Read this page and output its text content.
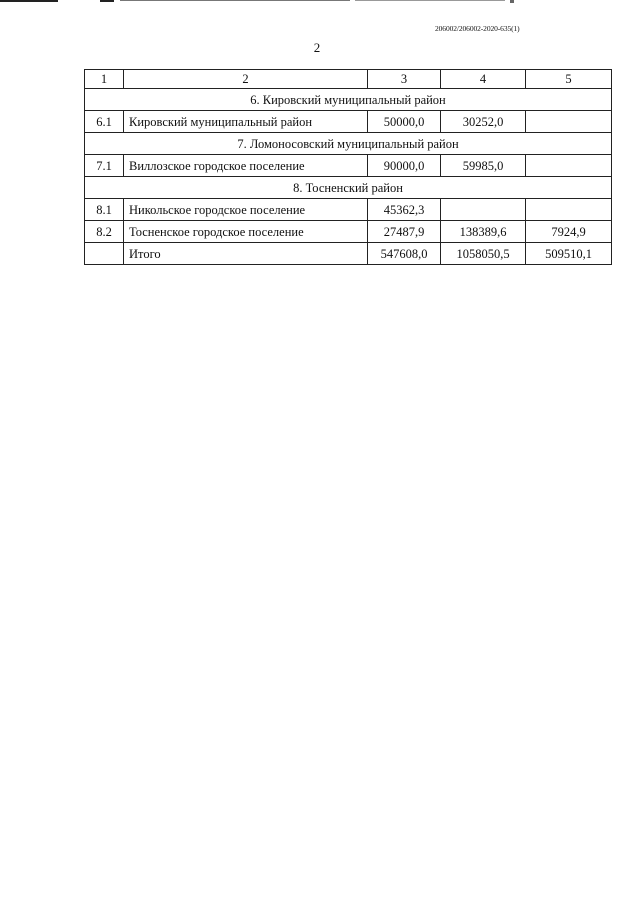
206002/206002-2020-635(1)
2
1	2	3	4	5
6. Кировский муниципальный район				
6.1	Кировский муниципальный район	50000,0	30252,0	
7. Ломоносовский муниципальный район				
7.1	Виллозское городское поселение	90000,0	59985,0	
8. Тосненский район				
8.1	Никольское городское поселение	45362,3		
8.2	Тосненское городское поселение	27487,9	138389,6	7924,9
	Итого	547608,0	1058050,5	509510,1
